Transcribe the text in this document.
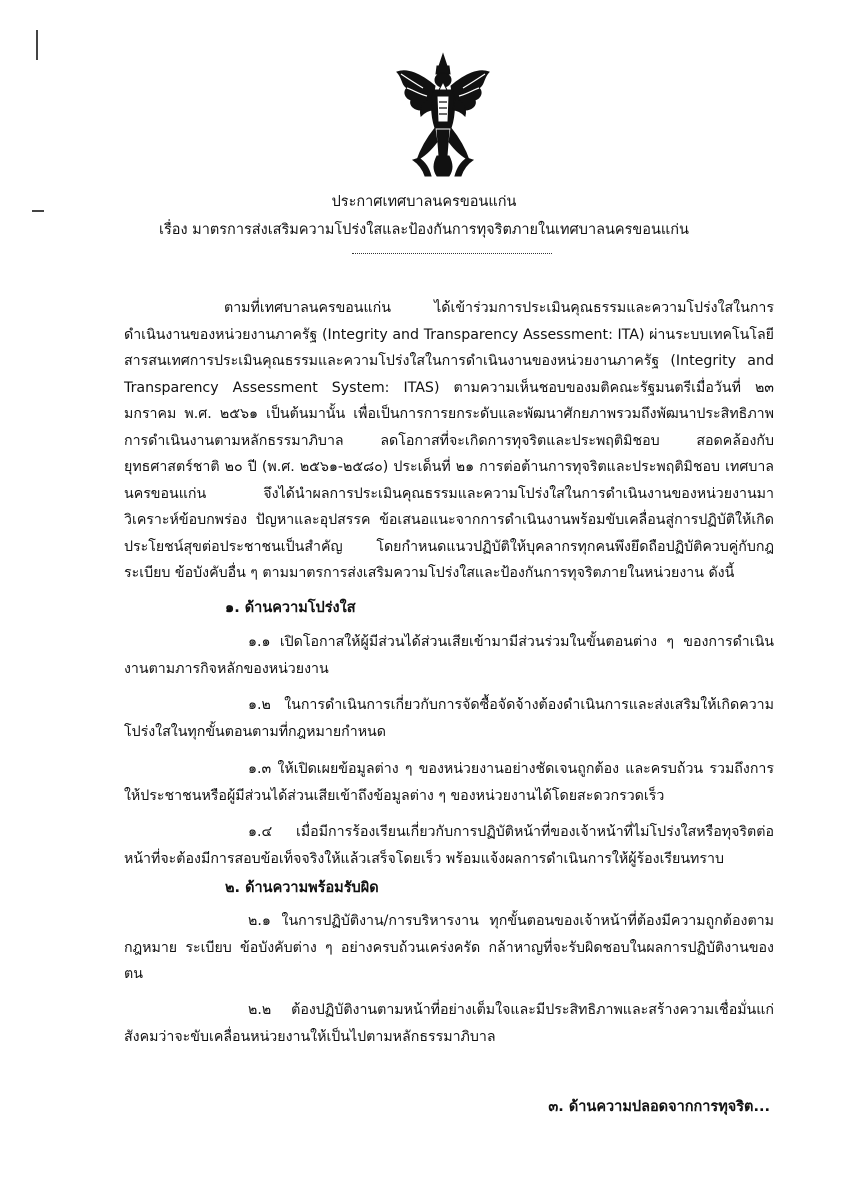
ประกาศเทศบาลนครขอนแก่น
เรื่อง มาตรการส่งเสริมความโปร่งใสและป้องกันการทุจริตภายในเทศบาลนครขอนแก่น

ตามที่เทศบาลนครขอนแก่น ได้เข้าร่วมการประเมินคุณธรรมและความโปร่งใสในการดำเนินงานของหน่วยงานภาครัฐ (Integrity and Transparency Assessment: ITA) ผ่านระบบเทคโนโลยีสารสนเทศการประเมินคุณธรรมและความโปร่งใสในการดำเนินงานของหน่วยงานภาครัฐ (Integrity and Transparency Assessment System: ITAS) ตามความเห็นชอบของมติคณะรัฐมนตรีเมื่อวันที่ ๒๓ มกราคม พ.ศ. ๒๕๖๑ เป็นต้นมานั้น เพื่อเป็นการการยกระดับและพัฒนาศักยภาพรวมถึงพัฒนาประสิทธิภาพการดำเนินงานตามหลักธรรมาภิบาล ลดโอกาสที่จะเกิดการทุจริตและประพฤติมิชอบ สอดคล้องกับยุทธศาสตร์ชาติ ๒๐ ปี (พ.ศ. ๒๕๖๑-๒๕๘๐) ประเด็นที่ ๒๑ การต่อต้านการทุจริตและประพฤติมิชอบ เทศบาลนครขอนแก่น จึงได้นำผลการประเมินคุณธรรมและความโปร่งใสในการดำเนินงานของหน่วยงานมาวิเคราะห์ข้อบกพร่อง ปัญหาและอุปสรรค ข้อเสนอแนะจากการดำเนินงานพร้อมขับเคลื่อนสู่การปฏิบัติให้เกิดประโยชน์สุขต่อประชาชนเป็นสำคัญ โดยกำหนดแนวปฏิบัติให้บุคลากรทุกคนพึงยึดถือปฏิบัติควบคู่กับกฎ ระเบียบ ข้อบังคับอื่น ๆ ตามมาตรการส่งเสริมความโปร่งใสและป้องกันการทุจริตภายในหน่วยงาน ดังนี้

๑. ด้านความโปร่งใส

๑.๑ เปิดโอกาสให้ผู้มีส่วนได้ส่วนเสียเข้ามามีส่วนร่วมในขั้นตอนต่าง ๆ ของการดำเนินงานตามภารกิจหลักของหน่วยงาน

๑.๒ ในการดำเนินการเกี่ยวกับการจัดซื้อจัดจ้างต้องดำเนินการและส่งเสริมให้เกิดความโปร่งใสในทุกขั้นตอนตามที่กฎหมายกำหนด

๑.๓ ให้เปิดเผยข้อมูลต่าง ๆ ของหน่วยงานอย่างชัดเจนถูกต้อง และครบถ้วน รวมถึงการให้ประชาชนหรือผู้มีส่วนได้ส่วนเสียเข้าถึงข้อมูลต่าง ๆ ของหน่วยงานได้โดยสะดวกรวดเร็ว

๑.๔ เมื่อมีการร้องเรียนเกี่ยวกับการปฏิบัติหน้าที่ของเจ้าหน้าที่ไม่โปร่งใสหรือทุจริตต่อหน้าที่จะต้องมีการสอบข้อเท็จจริงให้แล้วเสร็จโดยเร็ว พร้อมแจ้งผลการดำเนินการให้ผู้ร้องเรียนทราบ

๒. ด้านความพร้อมรับผิด

๒.๑ ในการปฏิบัติงาน/การบริหารงาน ทุกขั้นตอนของเจ้าหน้าที่ต้องมีความถูกต้องตามกฎหมาย ระเบียบ ข้อบังคับต่าง ๆ อย่างครบถ้วนเคร่งครัด กล้าหาญที่จะรับผิดชอบในผลการปฏิบัติงานของตน

๒.๒ ต้องปฏิบัติงานตามหน้าที่อย่างเต็มใจและมีประสิทธิภาพและสร้างความเชื่อมั่นแก่สังคมว่าจะขับเคลื่อนหน่วยงานให้เป็นไปตามหลักธรรมาภิบาล

๓. ด้านความปลอดจากการทุจริต...
